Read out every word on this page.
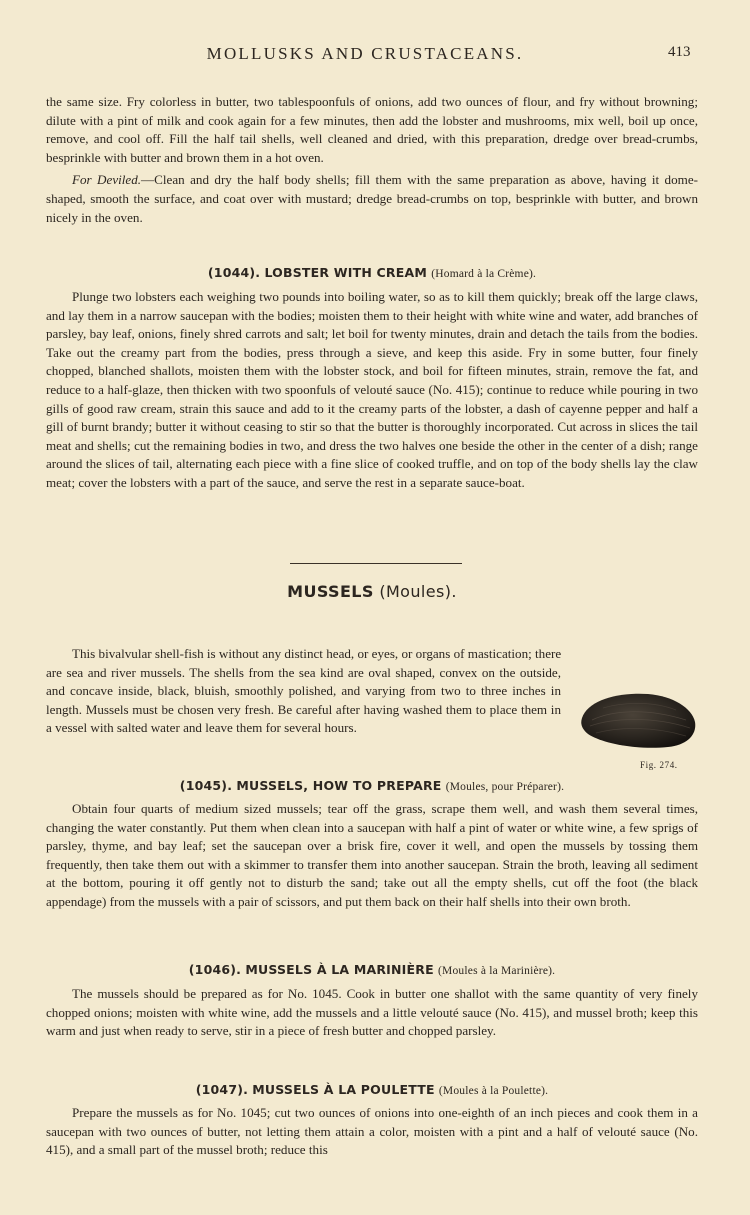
MOLLUSKS AND CRUSTACEANS.	413

the same size. Fry colorless in butter, two tablespoonfuls of onions, add two ounces of flour, and fry without browning; dilute with a pint of milk and cook again for a few minutes, then add the lobster and mushrooms, mix well, boil up once, remove, and cool off. Fill the half tail shells, well cleaned and dried, with this preparation, dredge over bread-crumbs, besprinkle with butter and brown them in a hot oven.

For Deviled.—Clean and dry the half body shells; fill them with the same preparation as above, having it dome-shaped, smooth the surface, and coat over with mustard; dredge bread-crumbs on top, besprinkle with butter, and brown nicely in the oven.

(1044). LOBSTER WITH CREAM (Homard à la Crème).

Plunge two lobsters each weighing two pounds into boiling water, so as to kill them quickly; break off the large claws, and lay them in a narrow saucepan with the bodies; moisten them to their height with white wine and water, add branches of parsley, bay leaf, onions, finely shred carrots and salt; let boil for twenty minutes, drain and detach the tails from the bodies. Take out the creamy part from the bodies, press through a sieve, and keep this aside. Fry in some butter, four finely chopped, blanched shallots, moisten them with the lobster stock, and boil for fifteen minutes, strain, remove the fat, and reduce to a half-glaze, then thicken with two spoonfuls of velouté sauce (No. 415); continue to reduce while pouring in two gills of good raw cream, strain this sauce and add to it the creamy parts of the lobster, a dash of cayenne pepper and half a gill of burnt brandy; butter it without ceasing to stir so that the butter is thoroughly incorporated. Cut across in slices the tail meat and shells; cut the remaining bodies in two, and dress the two halves one beside the other in the center of a dish; range around the slices of tail, alternating each piece with a fine slice of cooked truffle, and on top of the body shells lay the claw meat; cover the lobsters with a part of the sauce, and serve the rest in a separate sauce-boat.

MUSSELS (Moules).

This bivalvular shell-fish is without any distinct head, or eyes, or organs of mastication; there

are sea and river mussels. The shells from the sea kind are oval shaped, convex on the outside, and concave inside, black, bluish, smoothly polished, and varying from two to three inches in length. Mussels must be chosen very fresh. Be careful after having washed them to place them in a vessel with salted water and leave them for several hours.

Fig. 274.
(1045). MUSSELS, HOW TO PREPARE (Moules, pour Préparer).

Obtain four quarts of medium sized mussels; tear off the grass, scrape them well, and wash them several times, changing the water constantly. Put them when clean into a saucepan with half a pint of water or white wine, a few sprigs of parsley, thyme, and bay leaf; set the saucepan over a brisk fire, cover it well, and open the mussels by tossing them frequently, then take them out with a skimmer to transfer them into another saucepan. Strain the broth, leaving all sediment at the bottom, pouring it off gently not to disturb the sand; take out all the empty shells, cut off the foot (the black appendage) from the mussels with a pair of scissors, and put them back on their half shells into their own broth.

(1046). MUSSELS À LA MARINIÈRE (Moules à la Marinière).

The mussels should be prepared as for No. 1045. Cook in butter one shallot with the same quantity of very finely chopped onions; moisten with white wine, add the mussels and a little velouté sauce (No. 415), and mussel broth; keep this warm and just when ready to serve, stir in a piece of fresh butter and chopped parsley.

(1047). MUSSELS À LA POULETTE (Moules à la Poulette).

Prepare the mussels as for No. 1045; cut two ounces of onions into one-eighth of an inch pieces and cook them in a saucepan with two ounces of butter, not letting them attain a color, moisten with a pint and a half of velouté sauce (No. 415), and a small part of the mussel broth; reduce this
